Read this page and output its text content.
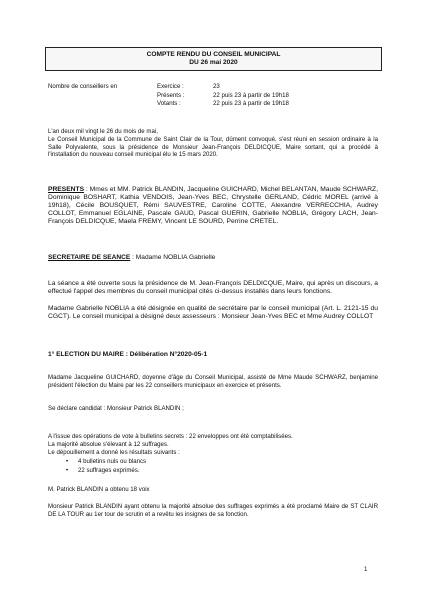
COMPTE RENDU DU CONSEIL MUNICIPAL
DU 26 mai 2020
Nombre de conseillers en	Exercice :	23
Présents :	22 puis 23 à partir de 19h18
Votants :	22 puis 23 à partir de 19h18
L'an deux mil vingt le 26 du mois de mai,
Le Conseil Municipal de la Commune de Saint Clair de la Tour, dûment convoqué, s'est réuni en session ordinaire à la Salle Polyvalente, sous la présidence de Monsieur Jean-François DELDICQUE, Maire sortant, qui a procédé à l'installation du nouveau conseil municipal élu le 15 mars 2020.
PRESENTS : Mmes et MM. Patrick BLANDIN, Jacqueline GUICHARD, Michel BELANTAN, Maude SCHWARZ, Dominique BOSHART, Kathia VENDOIS, Jean-Yves BEC, Chrystelle GERLAND, Cédric MOREL (arrivé à 19h18), Cécile BOUSQUET, Rémi SAUVESTRE, Caroline COTTE, Alexandre VERRECCHIA, Audrey COLLOT, Emmanuel EGLAINE, Pascale GAUD, Pascal GUERIN, Gabrielle NOBLIA, Grégory LACH, Jean-François DELDICQUE, Maela FREMY, Vincent LE SOURD, Perrine CRETEL.
SECRETAIRE DE SEANCE : Madame NOBLIA Gabrielle
La séance a été ouverte sous la présidence de M. Jean-François DELDICQUE, Maire, qui après un discours, a effectué l'appel des membres du conseil municipal cités ci-dessus installés dans leurs fonctions.
Madame Gabrielle NOBLIA a été désignée en qualité de secrétaire par le conseil municipal (Art. L. 2121-15 du CGCT). Le conseil municipal a désigné deux assesseurs : Monsieur Jean-Yves BEC et Mme Audrey COLLOT
1° ELECTION DU MAIRE : Délibération N°2020-05-1
Madame Jacqueline GUICHARD, doyenne d'âge du Conseil Municipal, assisté de Mme Maude SCHWARZ, benjamine président l'élection du Maire par les 22 conseillers municipaux en exercice et présents.
Se déclare candidat : Monsieur Patrick BLANDIN ;
A l'issue des opérations de vote à bulletins secrets : 22 enveloppes ont été comptabilisées.
La majorité absolue s'élevant à 12 suffrages.
Le dépouillement a donné les résultats suivants :
• 4 bulletins nuls ou blancs
• 22 suffrages exprimés.
M. Patrick BLANDIN a obtenu 18 voix
Monsieur Patrick BLANDIN ayant obtenu la majorité absolue des suffrages exprimés a été proclamé Maire de ST CLAIR DE LA TOUR au 1er tour de scrutin et a revêtu les insignes de sa fonction.
1
